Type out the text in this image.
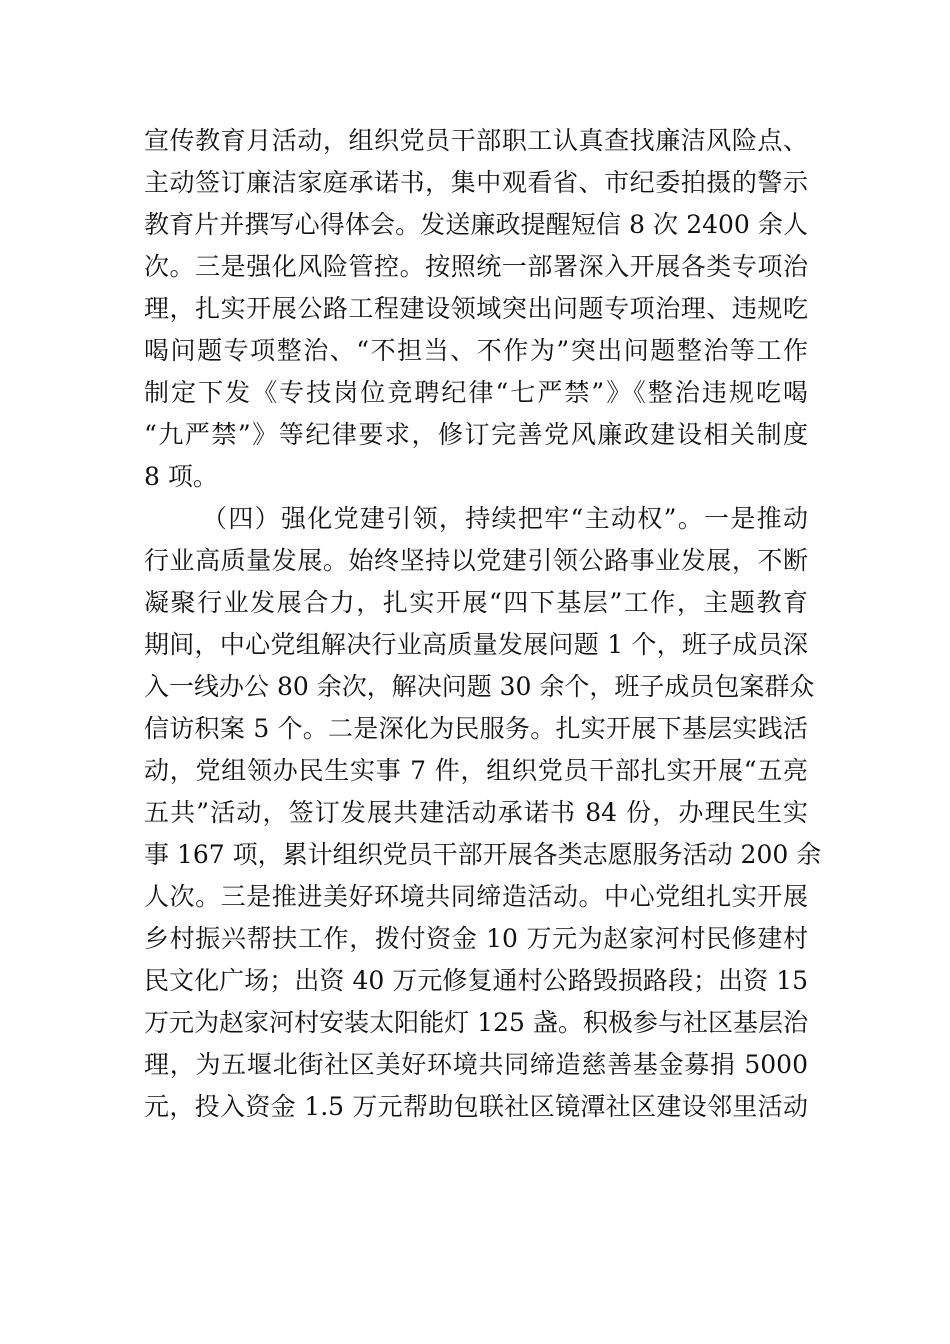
宣传教育月活动，组织党员干部职工认真查找廉洁风险点、
主动签订廉洁家庭承诺书，集中观看省、市纪委拍摄的警示
教育片并撰写心得体会。发送廉政提醒短信 8 次 2400 余人
次。三是强化风险管控。按照统一部署深入开展各类专项治
理，扎实开展公路工程建设领域突出问题专项治理、违规吃
喝问题专项整治、“不担当、不作为”突出问题整治等工作
制定下发《专技岗位竞聘纪律“七严禁”》《整治违规吃喝
“九严禁”》等纪律要求，修订完善党风廉政建设相关制度
8 项。
（四）强化党建引领，持续把牢“主动权”。一是推动
行业高质量发展。始终坚持以党建引领公路事业发展，不断
凝聚行业发展合力，扎实开展“四下基层”工作，主题教育
期间，中心党组解决行业高质量发展问题 1 个，班子成员深
入一线办公 80 余次，解决问题 30 余个，班子成员包案群众
信访积案 5 个。二是深化为民服务。扎实开展下基层实践活
动，党组领办民生实事 7 件，组织党员干部扎实开展“五亮
五共”活动，签订发展共建活动承诺书 84 份，办理民生实
事 167 项，累计组织党员干部开展各类志愿服务活动 200 余
人次。三是推进美好环境共同缔造活动。中心党组扎实开展
乡村振兴帮扶工作，拨付资金 10 万元为赵家河村民修建村
民文化广场；出资 40 万元修复通村公路毁损路段；出资 15
万元为赵家河村安装太阳能灯 125 盏。积极参与社区基层治
理，为五堰北街社区美好环境共同缔造慈善基金募捐 5000
元，投入资金 1.5 万元帮助包联社区镜潭社区建设邻里活动
